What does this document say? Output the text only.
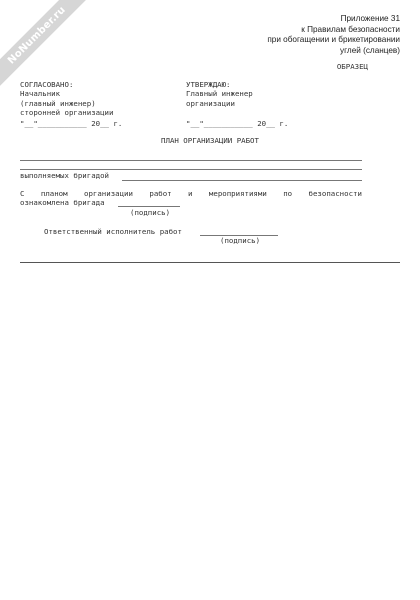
NoNumber.ru	Приложение 31
к Правилам безопасности
при обогащении и брикетировании
углей (сланцев)
ОБРАЗЕЦ
СОГЛАСОВАНО:
Начальник
(главный инженер)
сторонней организации
"__"___________ 20__ г.
УТВЕРЖДАЮ:
Главный инженер
организации
"__"___________ 20__ г.
ПЛАН ОРГАНИЗАЦИИ РАБОТ
выполняемых бригадой
С планом организации работ и мероприятиями по безопасности
ознакомлена бригада
(подпись)
Ответственный исполнитель работ
(подпись)
